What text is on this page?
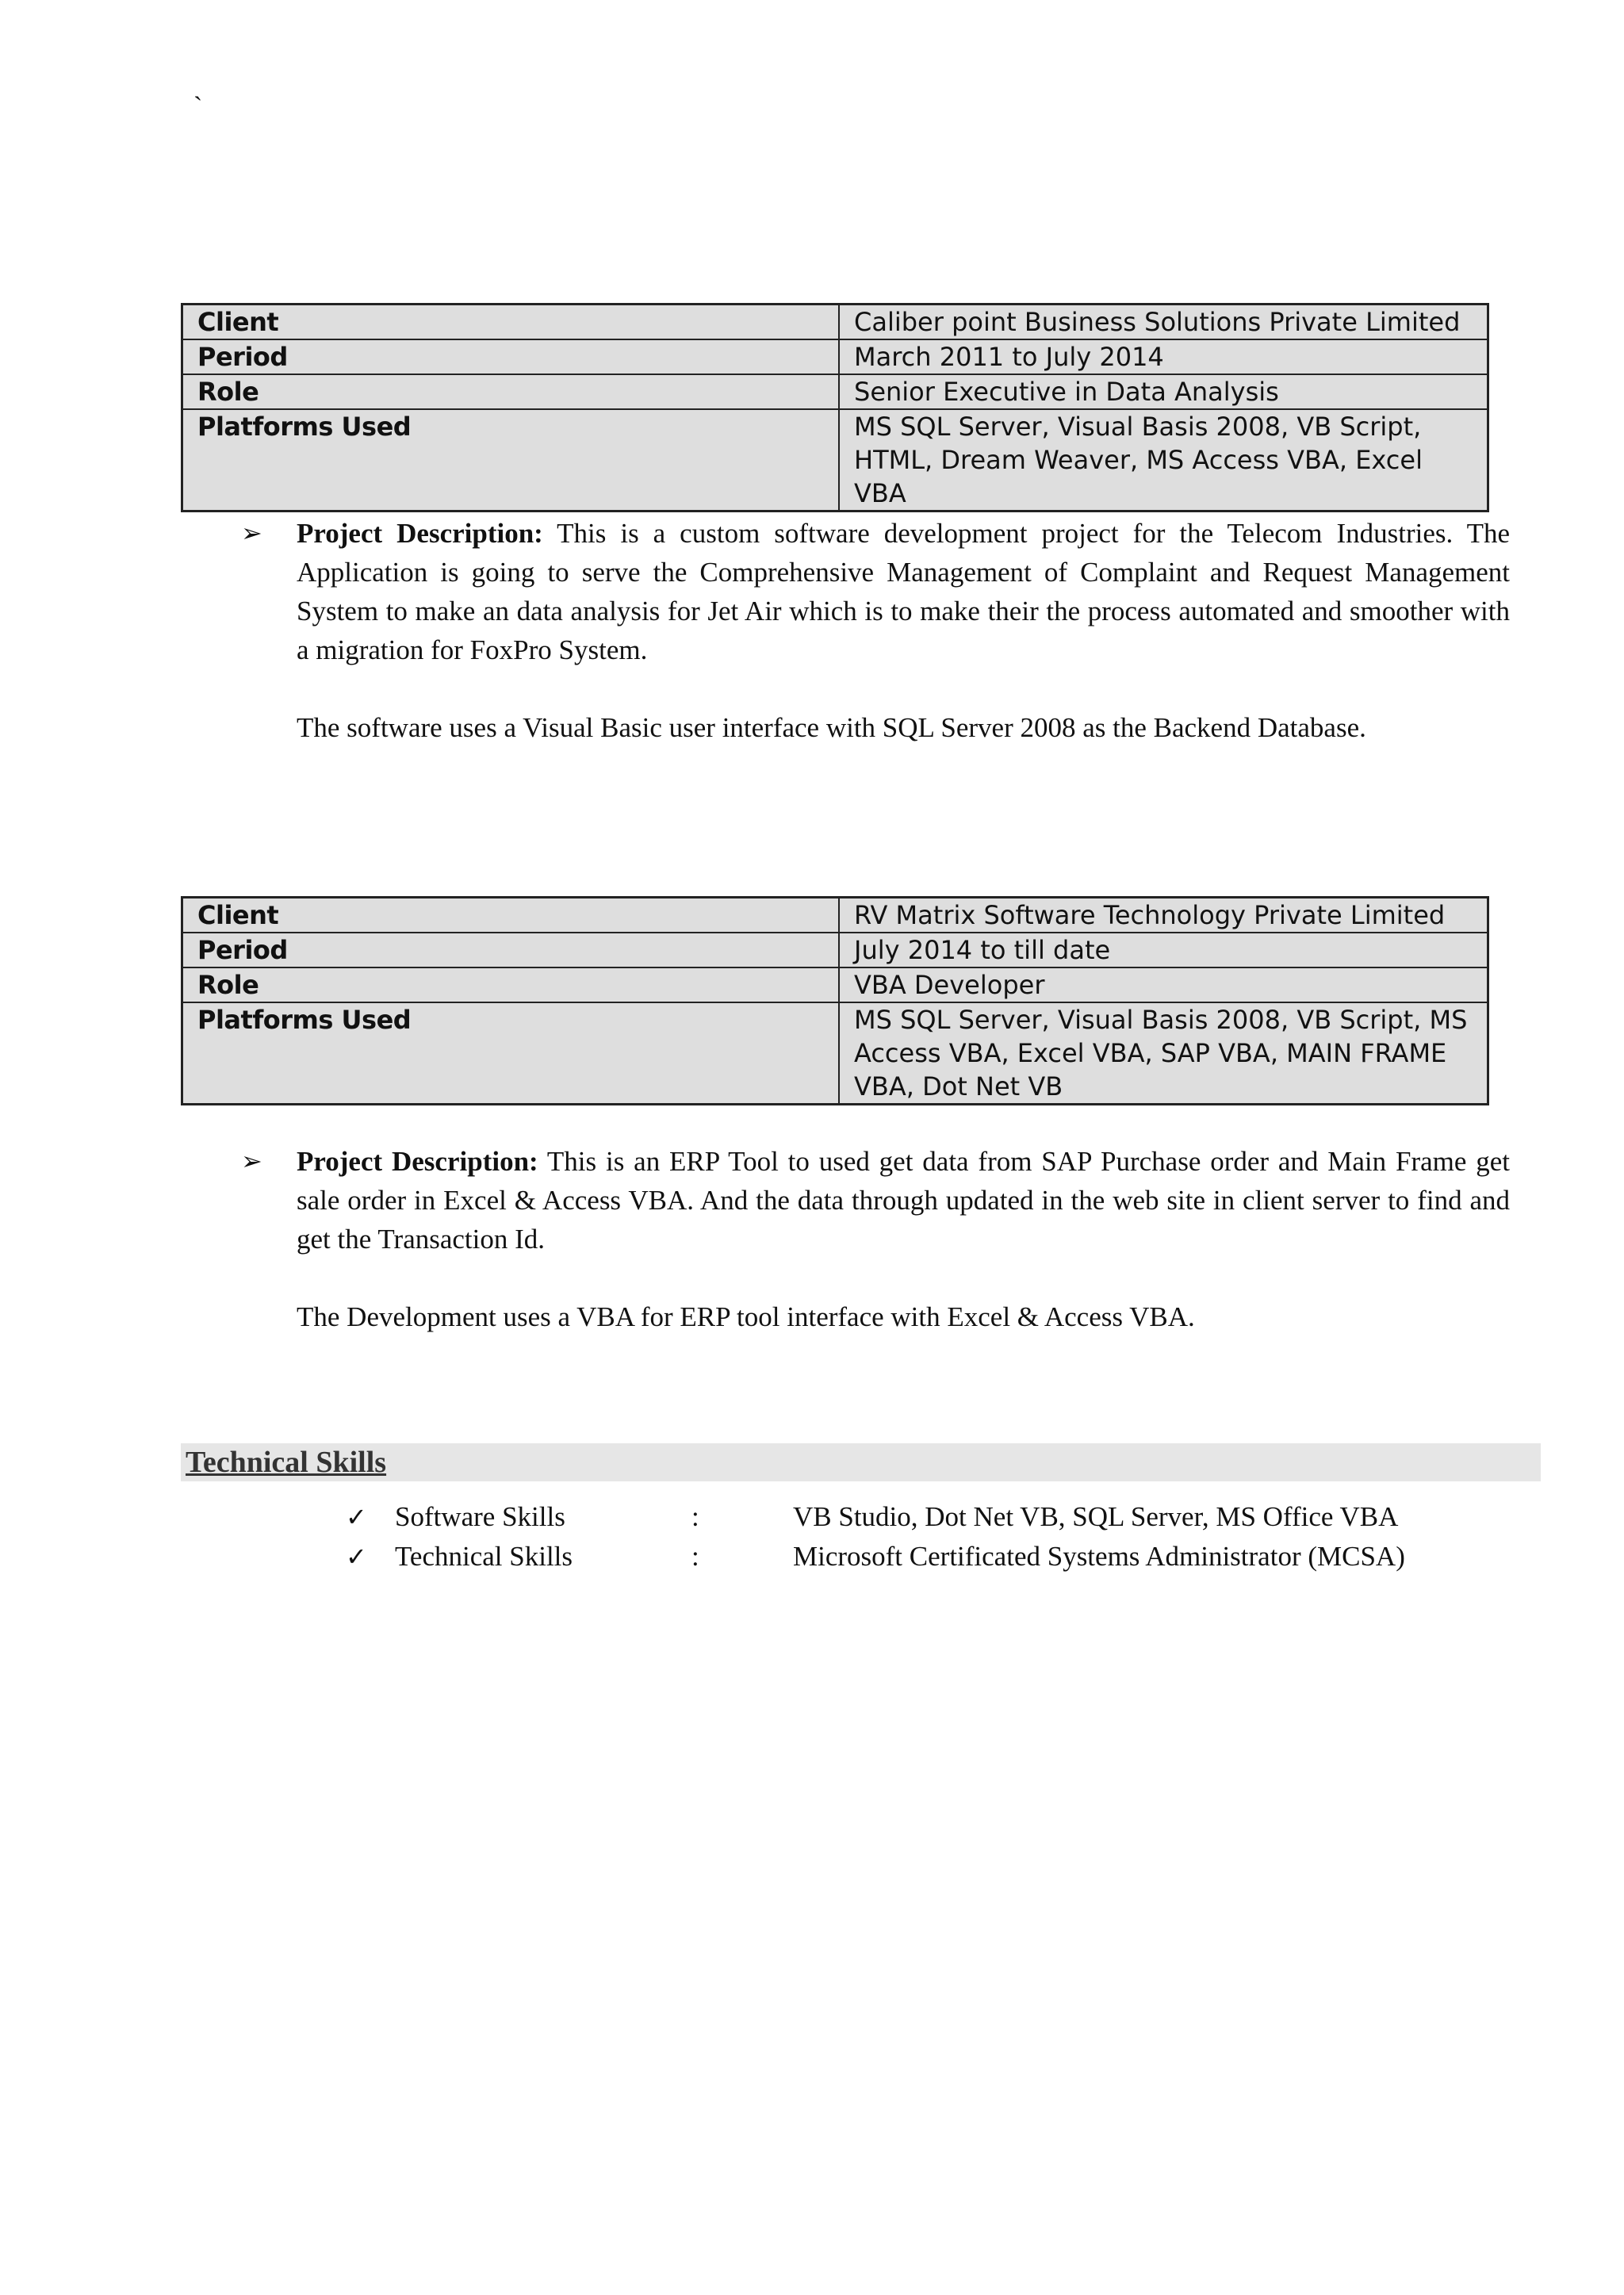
`
Client	Caliber point Business Solutions Private Limited
Period	March 2011 to July 2014
Role	Senior Executive in Data Analysis
Platforms Used	MS SQL Server, Visual Basis 2008, VB Script, HTML, Dream Weaver, MS Access VBA, Excel VBA
➢ Project Description: This is a custom software development project for the Telecom Industries. The Application is going to serve the Comprehensive Management of Complaint and Request Management System to make an data analysis for Jet Air which is to make their the process automated and smoother with a migration for FoxPro System.

The software uses a Visual Basic user interface with SQL Server 2008 as the Backend Database.

Client	RV Matrix Software Technology Private Limited
Period	July 2014 to till date
Role	VBA Developer
Platforms Used	MS SQL Server, Visual Basis 2008, VB Script, MS Access VBA, Excel VBA, SAP VBA, MAIN FRAME VBA, Dot Net VB
➢ Project Description: This is an ERP Tool to used get data from SAP Purchase order and Main Frame get sale order in Excel & Access VBA. And the data through updated in the web site in client server to find and get the Transaction Id.

The Development uses a VBA for ERP tool interface with Excel & Access VBA.

Technical Skills
✓ Software Skills	:	VB Studio, Dot Net VB, SQL Server, MS Office VBA
✓ Technical Skills	:	Microsoft Certificated Systems Administrator (MCSA)
